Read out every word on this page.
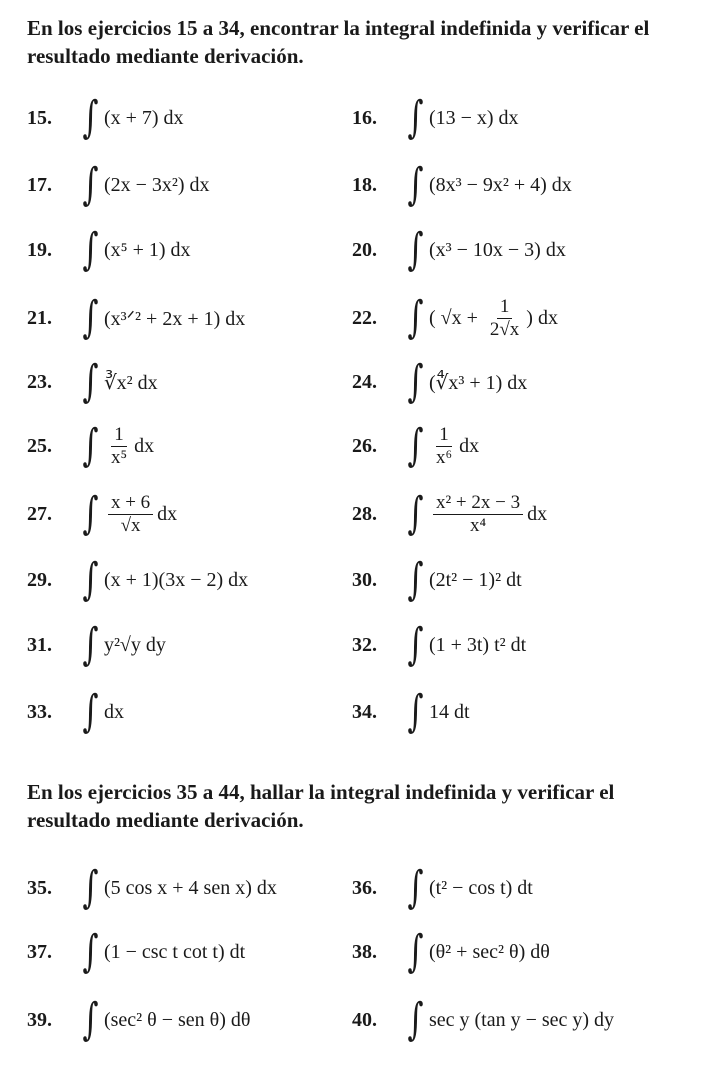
En los ejercicios 15 a 34, encontrar la integral indefinida y verificar el resultado mediante derivación.
15. ∫ (x + 7) dx	16. ∫ (13 − x) dx
17. ∫ (2x − 3x²) dx	18. ∫ (8x³ − 9x² + 4) dx
19. ∫ (x⁵ + 1) dx	20. ∫ (x³ − 10x − 3) dx
21. ∫ (x³ᐟ² + 2x + 1) dx	22. ∫ ( $√x + \frac{1}{2√x}$ ) dx
23. ∫ ∛x² dx	24. ∫ (∜x³ + 1) dx
25. ∫ $\frac{1}{\text{x⁵}}$ dx	26. ∫ $\frac{1}{\text{x⁶}}$ dx
27. ∫ $\frac{x + 6}{√x}$ dx	28. ∫ $\frac{\text{x² + 2x − 3}}{\text{x⁴}}$ dx
29. ∫ (x + 1)(3x − 2) dx	30. ∫ (2t² − 1)² dt
31. ∫ y²√y dy	32. ∫ (1 + 3t) t² dt
33. ∫ dx	34. ∫ 14 dt
En los ejercicios 35 a 44, hallar la integral indefinida y verificar el resultado mediante derivación.
35. ∫ (5 cos x + 4 sen x) dx	36. ∫ (t² − cos t) dt
37. ∫ (1 − csc t cot t) dt	38. ∫ (θ² + sec² θ) dθ
39. ∫ (sec² θ − sen θ) dθ	40. ∫ sec y (tan y − sec y) dy
